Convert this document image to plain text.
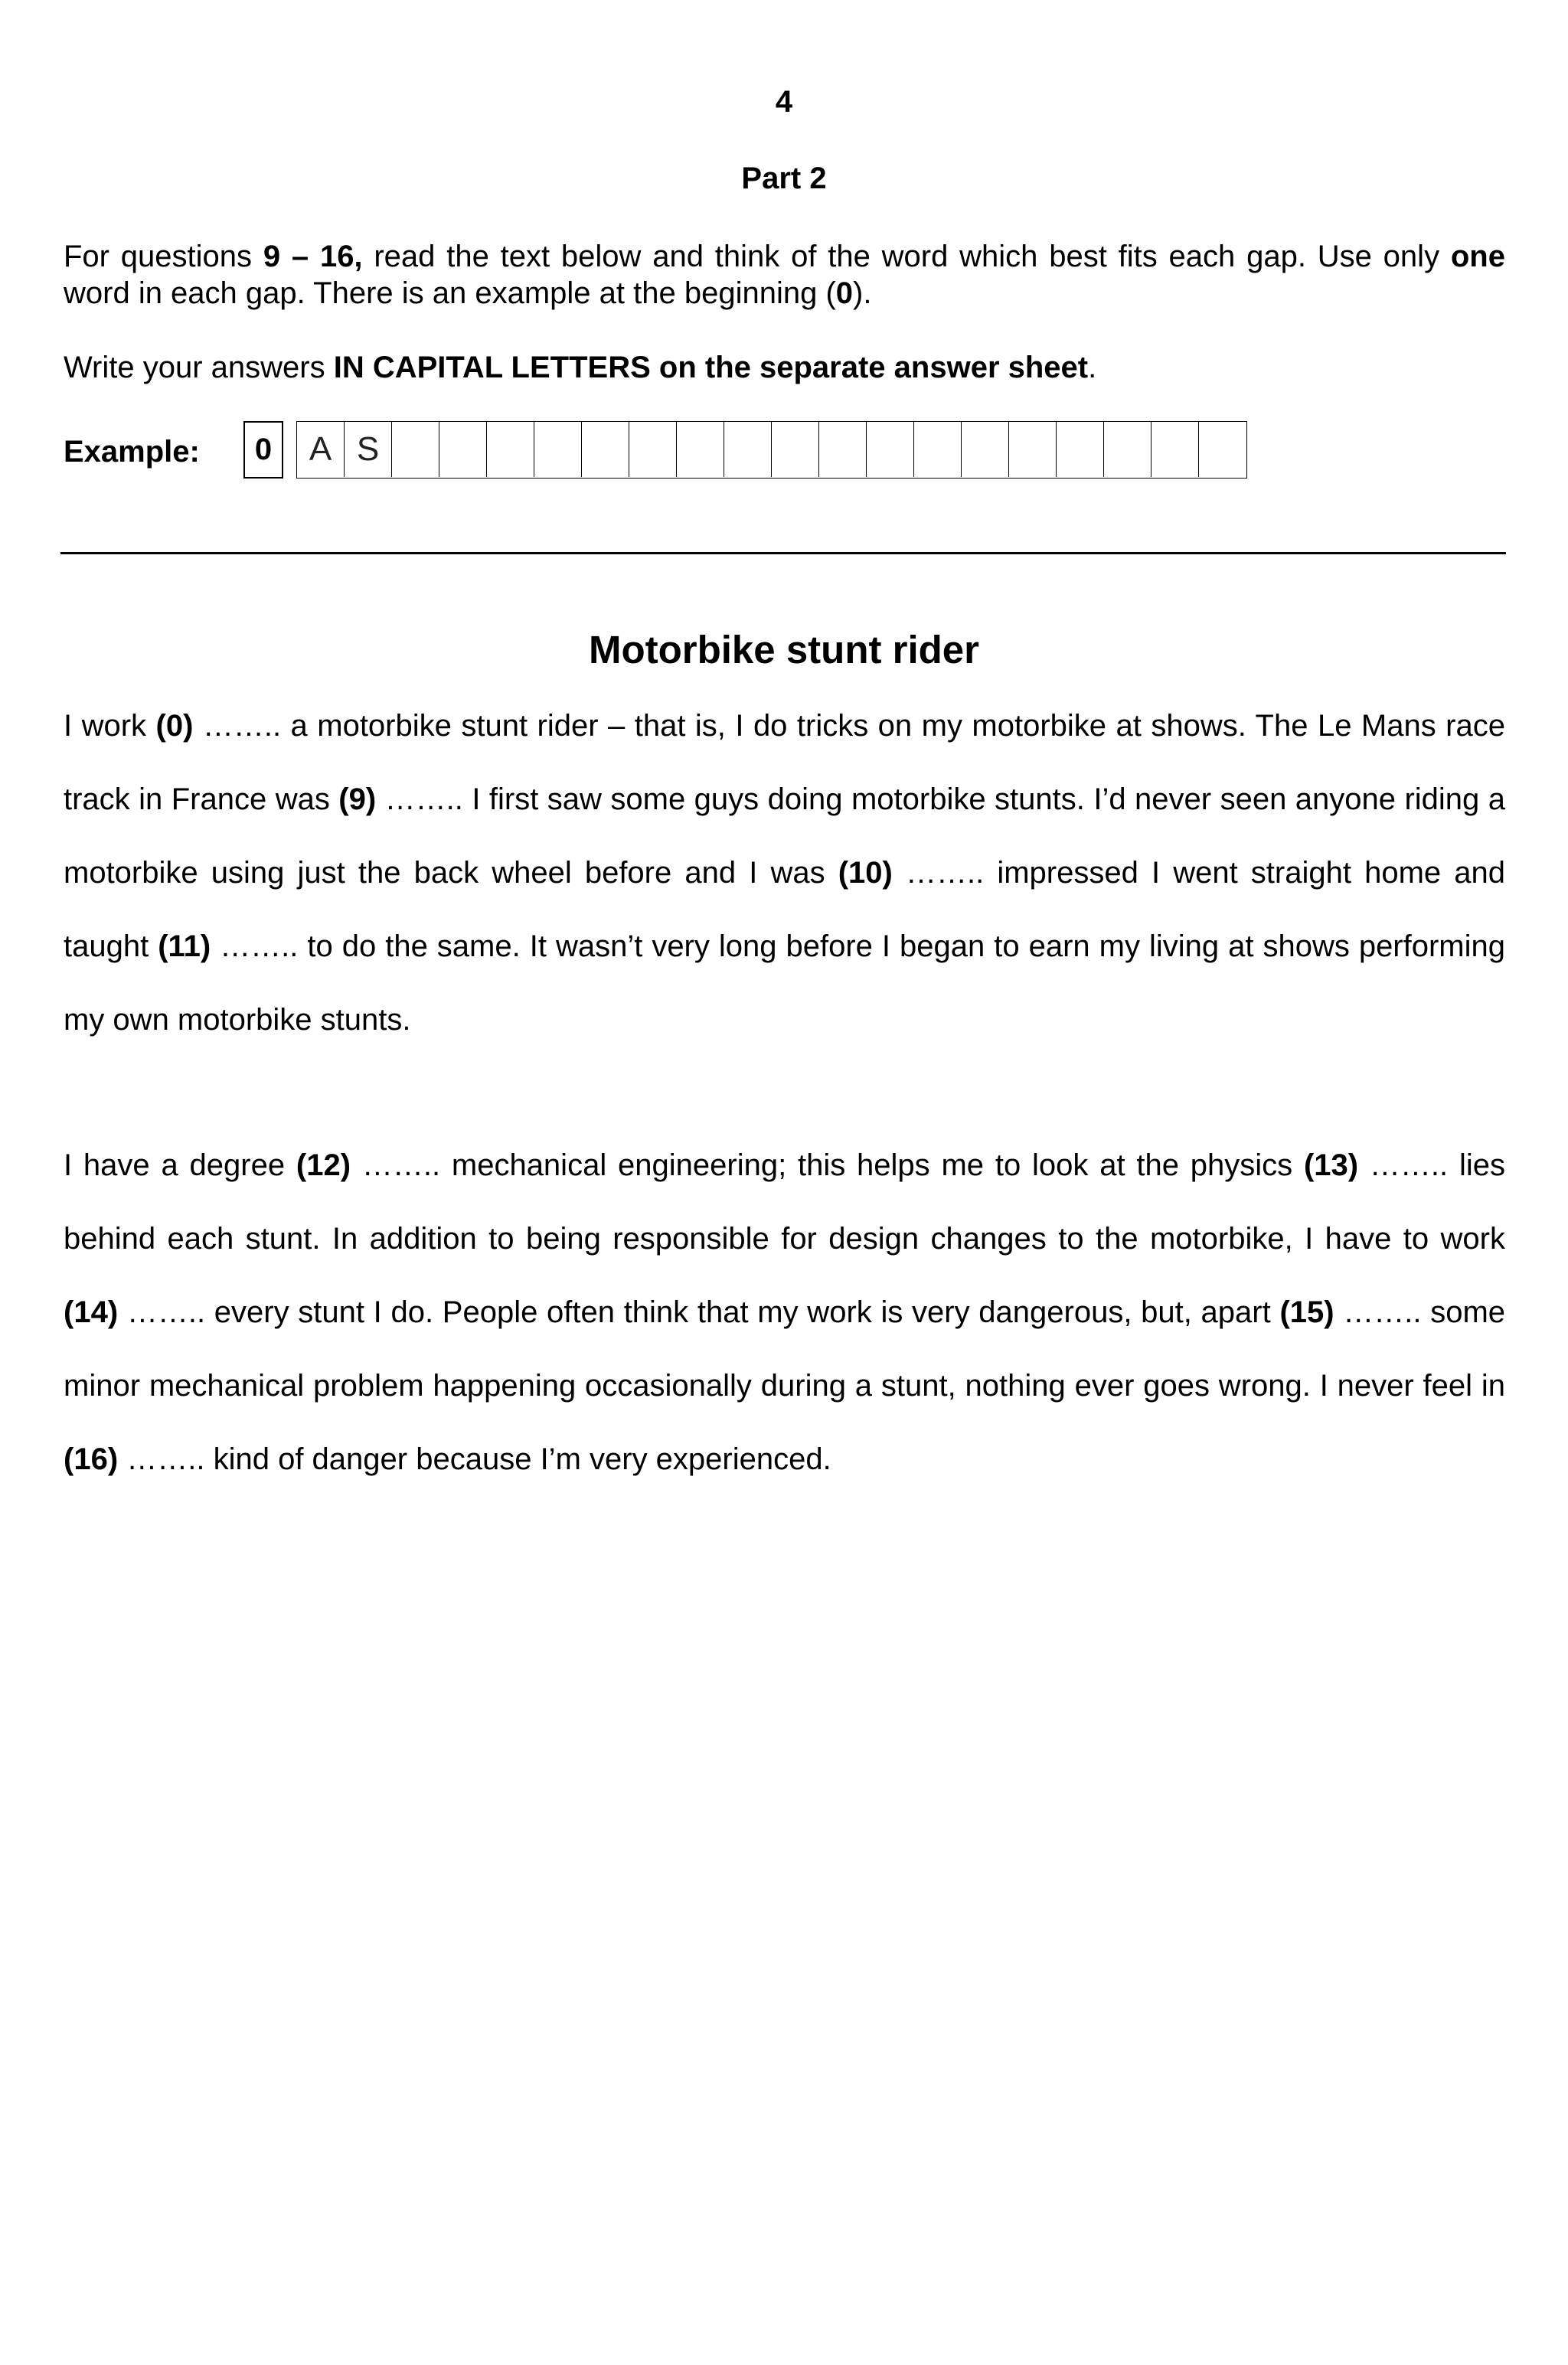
4
Part 2

For questions 9 – 16, read the text below and think of the word which best fits each gap. Use only one word in each gap. There is an example at the beginning (0).

Write your answers IN CAPITAL LETTERS on the separate answer sheet.

Example:	0	A S
Motorbike stunt rider

I work (0) …….. a motorbike stunt rider – that is, I do tricks on my motorbike at shows. The Le Mans race track in France was (9) …….. I first saw some guys doing motorbike stunts. I’d never seen anyone riding a motorbike using just the back wheel before and I was (10) …….. impressed I went straight home and taught (11) …….. to do the same. It wasn’t very long before I began to earn my living at shows performing my own motorbike stunts.

I have a degree (12) …….. mechanical engineering; this helps me to look at the physics (13) …….. lies behind each stunt. In addition to being responsible for design changes to the motorbike, I have to work (14) …….. every stunt I do. People often think that my work is very dangerous, but, apart (15) …….. some minor mechanical problem happening occasionally during a stunt, nothing ever goes wrong. I never feel in (16) …….. kind of danger because I’m very experienced.
